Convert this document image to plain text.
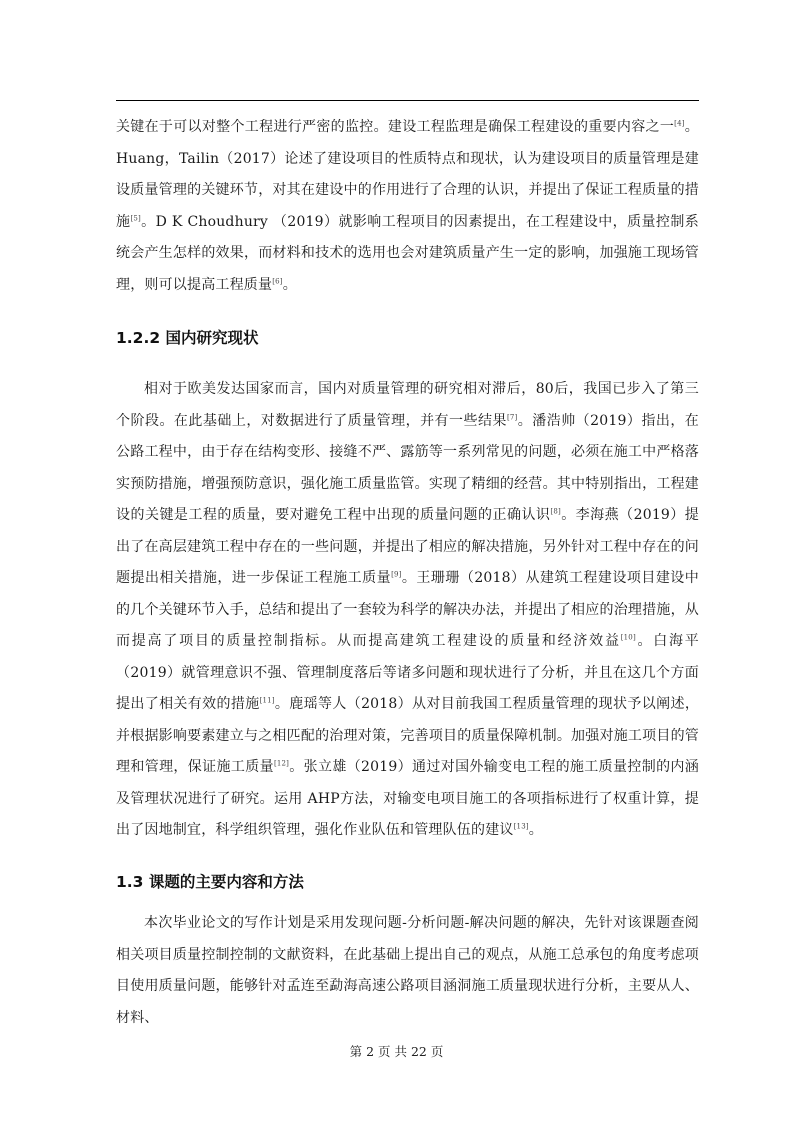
关键在于可以对整个工程进行严密的监控。建设工程监理是确保工程建设的重要内容之一[4]。Huang，Tailin（2017）论述了建设项目的性质特点和现状，认为建设项目的质量管理是建设质量管理的关键环节，对其在建设中的作用进行了合理的认识，并提出了保证工程质量的措施[5]。D K Choudhury （2019）就影响工程项目的因素提出，在工程建设中，质量控制系统会产生怎样的效果，而材料和技术的选用也会对建筑质量产生一定的影响，加强施工现场管理，则可以提高工程质量[6]。

1.2.2 国内研究现状

相对于欧美发达国家而言，国内对质量管理的研究相对滞后，80后，我国已步入了第三个阶段。在此基础上，对数据进行了质量管理，并有一些结果[7]。潘浩帅（2019）指出，在公路工程中，由于存在结构变形、接缝不严、露筋等一系列常见的问题，必须在施工中严格落实预防措施，增强预防意识，强化施工质量监管。实现了精细的经营。其中特别指出，工程建设的关键是工程的质量，要对避免工程中出现的质量问题的正确认识[8]。李海燕（2019）提出了在高层建筑工程中存在的一些问题，并提出了相应的解决措施，另外针对工程中存在的问题提出相关措施，进一步保证工程施工质量[9]。王珊珊（2018）从建筑工程建设项目建设中的几个关键环节入手，总结和提出了一套较为科学的解决办法，并提出了相应的治理措施，从而提高了项目的质量控制指标。从而提高建筑工程建设的质量和经济效益[10]。白海平（2019）就管理意识不强、管理制度落后等诸多问题和现状进行了分析，并且在这几个方面提出了相关有效的措施[11]。鹿瑶等人（2018）从对目前我国工程质量管理的现状予以阐述，并根据影响要素建立与之相匹配的治理对策，完善项目的质量保障机制。加强对施工项目的管理和管理，保证施工质量[12]。张立雄（2019）通过对国外输变电工程的施工质量控制的内涵及管理状况进行了研究。运用 AHP方法，对输变电项目施工的各项指标进行了权重计算，提出了因地制宜，科学组织管理，强化作业队伍和管理队伍的建议[13]。

1.3 课题的主要内容和方法

本次毕业论文的写作计划是采用发现问题-分析问题-解决问题的解决，先针对该课题查阅相关项目质量控制控制的文献资料，在此基础上提出自己的观点，从施工总承包的角度考虑项目使用质量问题，能够针对孟连至勐海高速公路项目涵洞施工质量现状进行分析，主要从人、材料、

第 2 页 共 22 页
